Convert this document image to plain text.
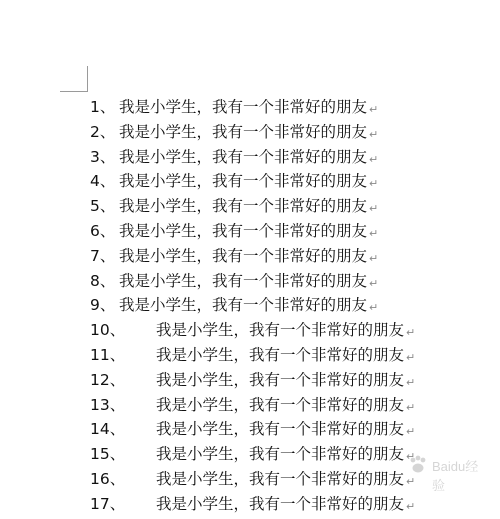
1、 我是小学生，我有一个非常好的朋友 ↵
2、 我是小学生，我有一个非常好的朋友 ↵
3、 我是小学生，我有一个非常好的朋友 ↵
4、 我是小学生，我有一个非常好的朋友 ↵
5、 我是小学生，我有一个非常好的朋友 ↵
6、 我是小学生，我有一个非常好的朋友 ↵
7、 我是小学生，我有一个非常好的朋友 ↵
8、 我是小学生，我有一个非常好的朋友 ↵
9、 我是小学生，我有一个非常好的朋友 ↵
10、 我是小学生，我有一个非常好的朋友 ↵
11、 我是小学生，我有一个非常好的朋友 ↵
12、 我是小学生，我有一个非常好的朋友 ↵
13、 我是小学生，我有一个非常好的朋友 ↵
14、 我是小学生，我有一个非常好的朋友 ↵
15、 我是小学生，我有一个非常好的朋友 ↵
16、 我是小学生，我有一个非常好的朋友 ↵
17、 我是小学生，我有一个非常好的朋友 ↵
Baidu经验
